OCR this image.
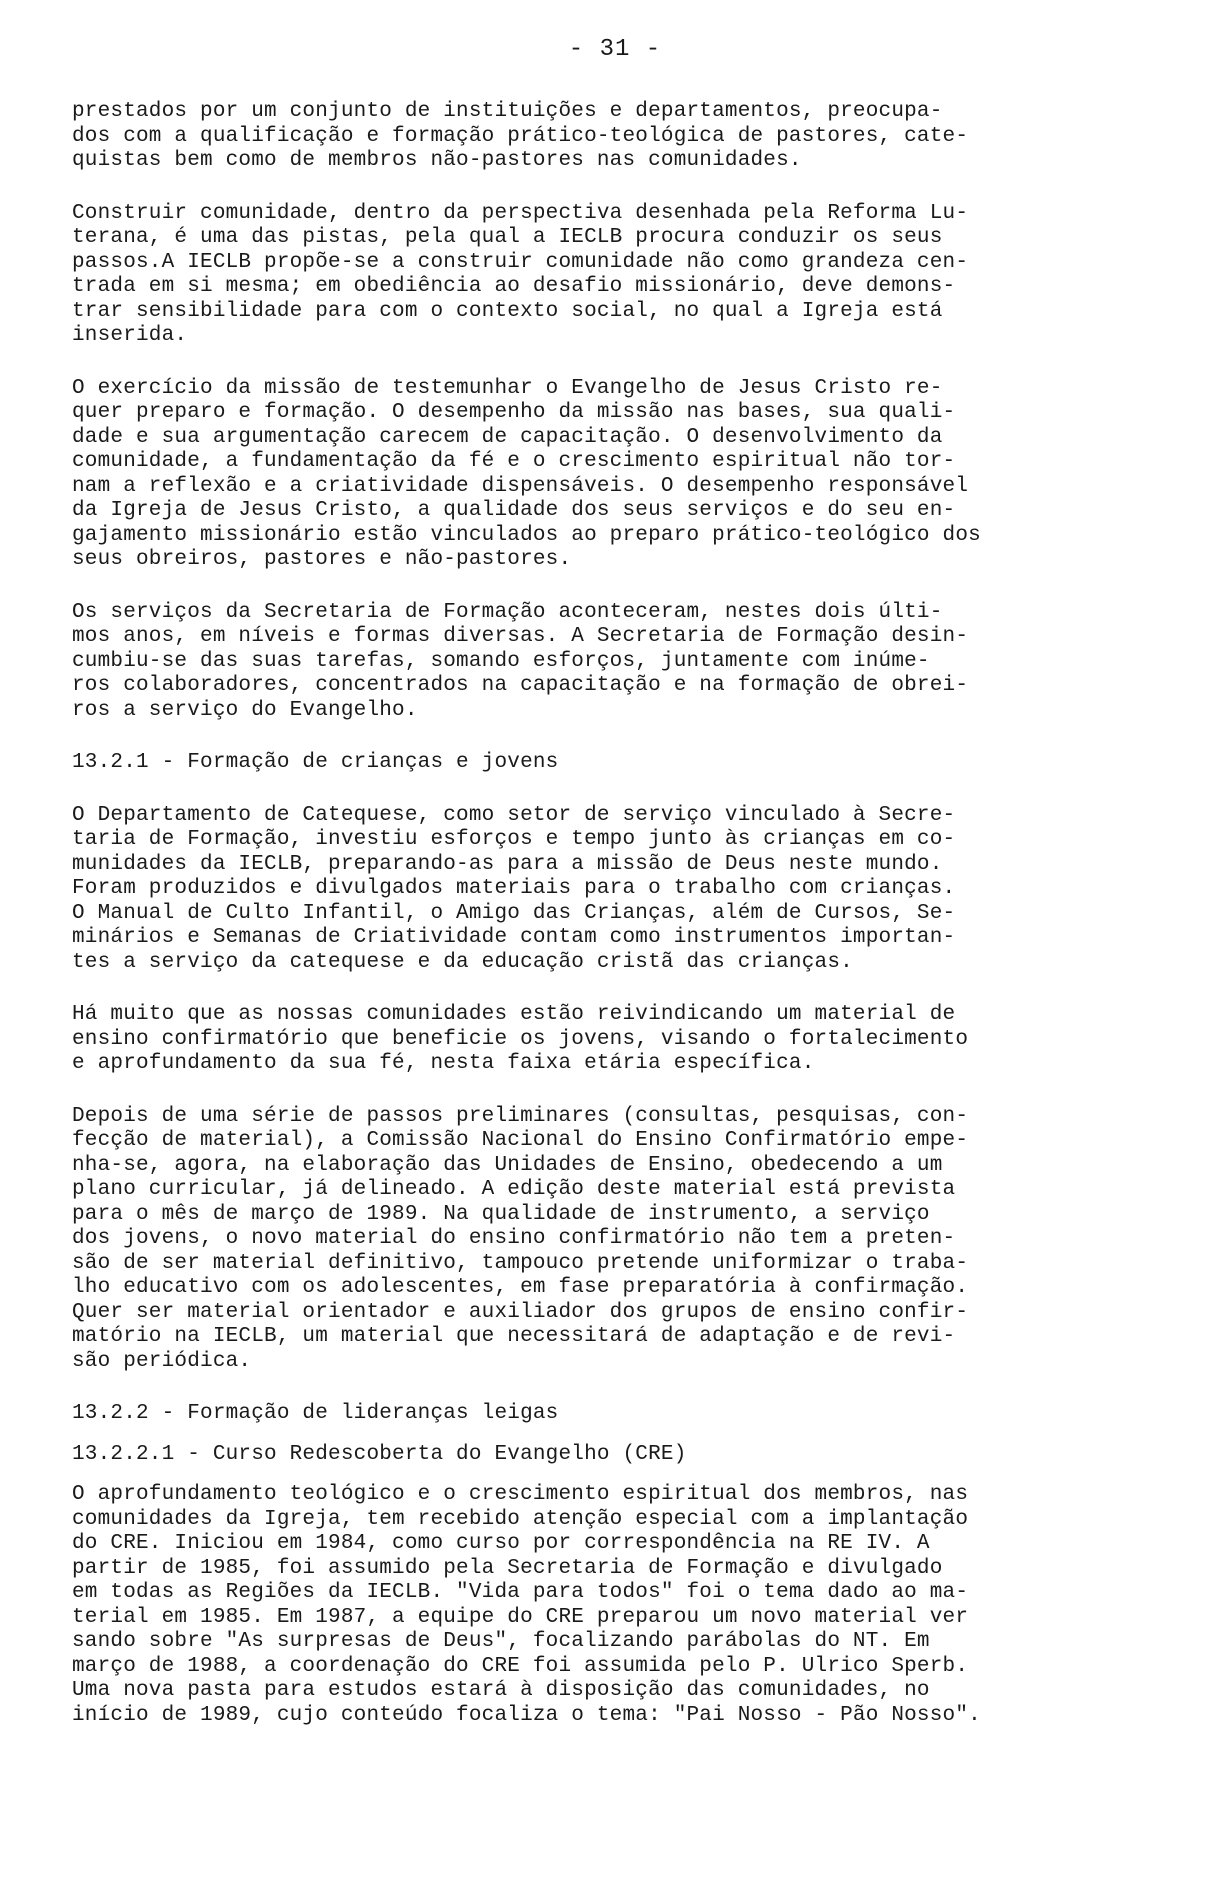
- 31 -

prestados por um conjunto de instituições e departamentos, preocupa-
dos com a qualificação e formação prático-teológica de pastores, cate-
quistas bem como de membros não-pastores nas comunidades.

Construir comunidade, dentro da perspectiva desenhada pela Reforma Lu-
terana, é uma das pistas, pela qual a IECLB procura conduzir os seus
passos.A IECLB propõe-se a construir comunidade não como grandeza cen-
trada em si mesma; em obediência ao desafio missionário, deve demons-
trar sensibilidade para com o contexto social, no qual a Igreja está
inserida.

O exercício da missão de testemunhar o Evangelho de Jesus Cristo re-
quer preparo e formação. O desempenho da missão nas bases, sua quali-
dade e sua argumentação carecem de capacitação. O desenvolvimento da
comunidade, a fundamentação da fé e o crescimento espiritual não tor-
nam a reflexão e a criatividade dispensáveis. O desempenho responsável
da Igreja de Jesus Cristo, a qualidade dos seus serviços e do seu en-
gajamento missionário estão vinculados ao preparo prático-teológico dos
seus obreiros, pastores e não-pastores.

Os serviços da Secretaria de Formação aconteceram, nestes dois últi-
mos anos, em níveis e formas diversas. A Secretaria de Formação desin-
cumbiu-se das suas tarefas, somando esforços, juntamente com inúme-
ros colaboradores, concentrados na capacitação e na formação de obrei-
ros a serviço do Evangelho.

13.2.1 - Formação de crianças e jovens

O Departamento de Catequese, como setor de serviço vinculado à Secre-
taria de Formação, investiu esforços e tempo junto às crianças em co-
munidades da IECLB, preparando-as para a missão de Deus neste mundo.
Foram produzidos e divulgados materiais para o trabalho com crianças.
O Manual de Culto Infantil, o Amigo das Crianças, além de Cursos, Se-
minários e Semanas de Criatividade contam como instrumentos importan-
tes a serviço da catequese e da educação cristã das crianças.

Há muito que as nossas comunidades estão reivindicando um material de
ensino confirmatório que beneficie os jovens, visando o fortalecimento
e aprofundamento da sua fé, nesta faixa etária específica.

Depois de uma série de passos preliminares (consultas, pesquisas, con-
fecção de material), a Comissão Nacional do Ensino Confirmatório empe-
nha-se, agora, na elaboração das Unidades de Ensino, obedecendo a um
plano curricular, já delineado. A edição deste material está prevista
para o mês de março de 1989. Na qualidade de instrumento, a serviço
dos jovens, o novo material do ensino confirmatório não tem a preten-
são de ser material definitivo, tampouco pretende uniformizar o traba-
lho educativo com os adolescentes, em fase preparatória à confirmação.
Quer ser material orientador e auxiliador dos grupos de ensino confir-
matório na IECLB, um material que necessitará de adaptação e de revi-
são periódica.

13.2.2 - Formação de lideranças leigas
13.2.2.1 - Curso Redescoberta do Evangelho (CRE)

O aprofundamento teológico e o crescimento espiritual dos membros, nas
comunidades da Igreja, tem recebido atenção especial com a implantação
do CRE. Iniciou em 1984, como curso por correspondência na RE IV. A
partir de 1985, foi assumido pela Secretaria de Formação e divulgado
em todas as Regiões da IECLB. "Vida para todos" foi o tema dado ao ma-
terial em 1985. Em 1987, a equipe do CRE preparou um novo material ver
sando sobre "As surpresas de Deus", focalizando parábolas do NT. Em
março de 1988, a coordenação do CRE foi assumida pelo P. Ulrico Sperb.
Uma nova pasta para estudos estará à disposição das comunidades, no
início de 1989, cujo conteúdo focaliza o tema: "Pai Nosso - Pão Nosso".
